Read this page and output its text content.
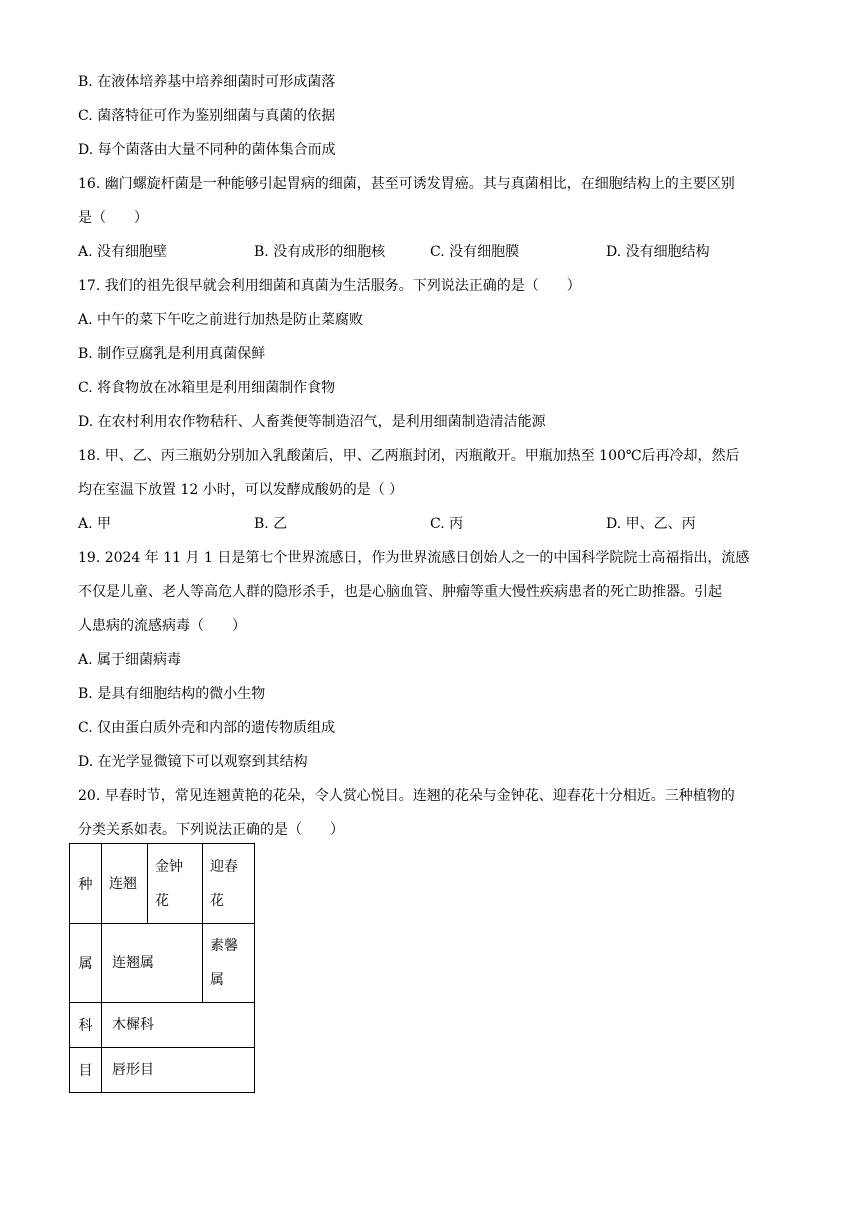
B. 在液体培养基中培养细菌时可形成菌落
C. 菌落特征可作为鉴别细菌与真菌的依据
D. 每个菌落由大量不同种的菌体集合而成
16. 幽门螺旋杆菌是一种能够引起胃病的细菌，甚至可诱发胃癌。其与真菌相比，在细胞结构上的主要区别
是（　　）
A. 没有细胞壁	B. 没有成形的细胞核	C. 没有细胞膜	D. 没有细胞结构
17. 我们的祖先很早就会利用细菌和真菌为生活服务。下列说法正确的是（　　）
A. 中午的菜下午吃之前进行加热是防止菜腐败
B. 制作豆腐乳是利用真菌保鲜
C. 将食物放在冰箱里是利用细菌制作食物
D. 在农村利用农作物秸秆、人畜粪便等制造沼气，是利用细菌制造清洁能源
18. 甲、乙、丙三瓶奶分别加入乳酸菌后，甲、乙两瓶封闭，丙瓶敞开。甲瓶加热至 100℃后再冷却，然后
均在室温下放置 12 小时，可以发酵成酸奶的是（ ）
A. 甲	B. 乙	C. 丙	D. 甲、乙、丙
19. 2024 年 11 月 1 日是第七个世界流感日，作为世界流感日创始人之一的中国科学院院士高福指出，流感
不仅是儿童、老人等高危人群的隐形杀手，也是心脑血管、肿瘤等重大慢性疾病患者的死亡助推器。引起
人患病的流感病毒（　　）
A. 属于细菌病毒
B. 是具有细胞结构的微小生物
C. 仅由蛋白质外壳和内部的遗传物质组成
D. 在光学显微镜下可以观察到其结构
20. 早春时节，常见连翘黄艳的花朵，令人赏心悦目。连翘的花朵与金钟花、迎春花十分相近。三种植物的
分类关系如表。下列说法正确的是（　　）
种	连翘	金钟花	迎春花

属	连翘属		素馨属

科	木樨科		

目	唇形目		
